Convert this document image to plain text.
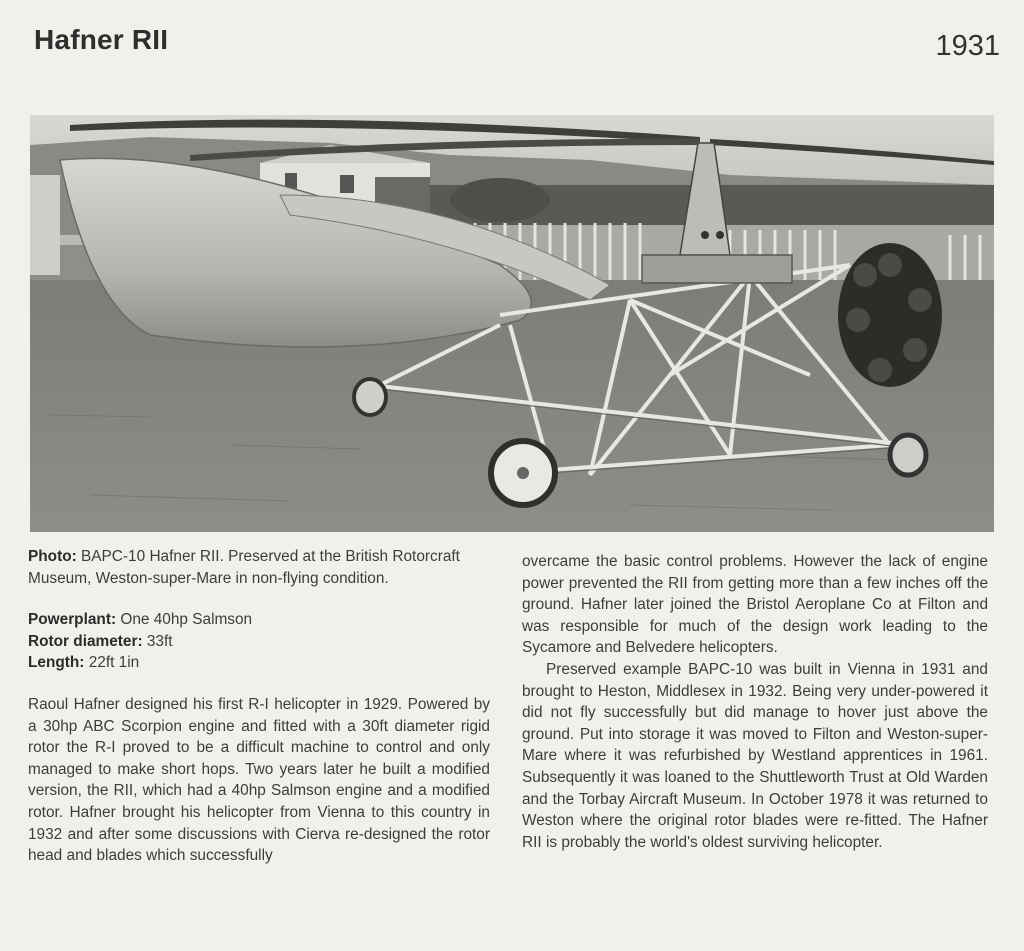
Hafner RII	1931

Photo: BAPC-10 Hafner RII. Preserved at the British Rotorcraft Museum, Weston-super-Mare in non-flying condition.

Powerplant: One 40hp Salmson
Rotor diameter: 33ft
Length: 22ft 1in

Raoul Hafner designed his first R-I helicopter in 1929. Powered by a 30hp ABC Scorpion engine and fitted with a 30ft diameter rigid rotor the R-I proved to be a difficult machine to control and only managed to make short hops. Two years later he built a modified version, the RII, which had a 40hp Salmson engine and a modified rotor. Hafner brought his helicopter from Vienna to this country in 1932 and after some discussions with Cierva re-designed the rotor head and blades which successfully

overcame the basic control problems. However the lack of engine power prevented the RII from getting more than a few inches off the ground. Hafner later joined the Bristol Aeroplane Co at Filton and was responsible for much of the design work leading to the Sycamore and Belvedere helicopters.

Preserved example BAPC-10 was built in Vienna in 1931 and brought to Heston, Middlesex in 1932. Being very under-powered it did not fly successfully but did manage to hover just above the ground. Put into storage it was moved to Filton and Weston-super-Mare where it was refurbished by Westland apprentices in 1961. Subsequently it was loaned to the Shuttleworth Trust at Old Warden and the Torbay Aircraft Museum. In October 1978 it was returned to Weston where the original rotor blades were re-fitted. The Hafner RII is probably the world's oldest surviving helicopter.
